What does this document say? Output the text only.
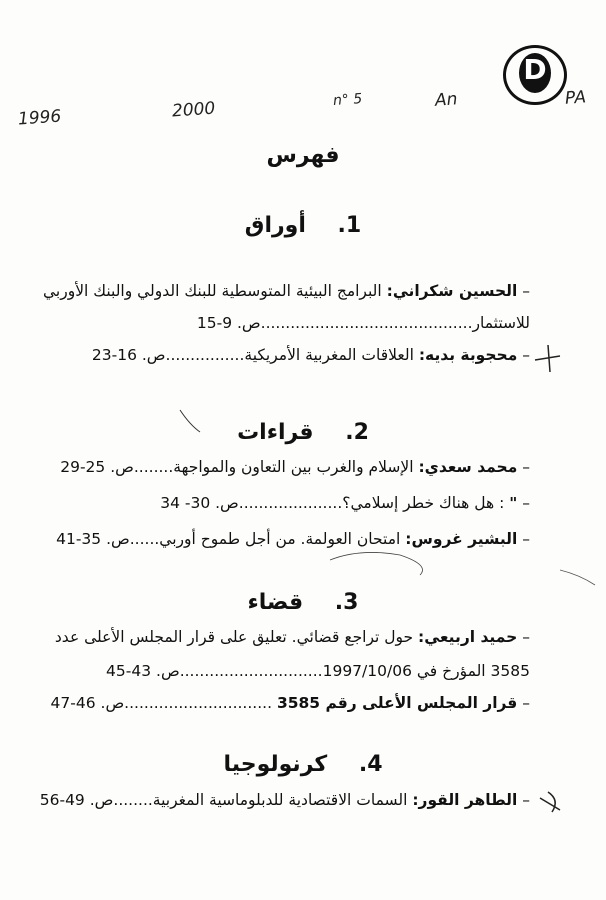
1996	2000	n° 5	An	PA
D
فهرس
1. أوراق
– الحسين شكراني: البرامج البيئية المتوسطية للبنك الدولي والبنك الأوربي
للاستثمار...........................................ص. 9-15
– محجوبة بديه: العلاقات المغربية الأمريكية................ص. 16-23
2. قراءات
– محمد سعدي: الإسلام والغرب بين التعاون والمواجهة........ص. 25-29
– " : هل هناك خطر إسلامي؟.....................ص. 30- 34
– البشير غروس: امتحان العولمة. من أجل طموح أوربي......ص. 35-41
3. قضاء
– حميد اربيعي: حول تراجع قضائي. تعليق على قرار المجلس الأعلى عدد
3585 المؤرخ في 1997/10/06.............................ص. 43-45
– قرار المجلس الأعلى رقم 3585 ..............................ص. 46-47
4. كرنولوجيا
– الطاهر القور: السمات الاقتصادية للدبلوماسية المغربية........ص. 49-56
